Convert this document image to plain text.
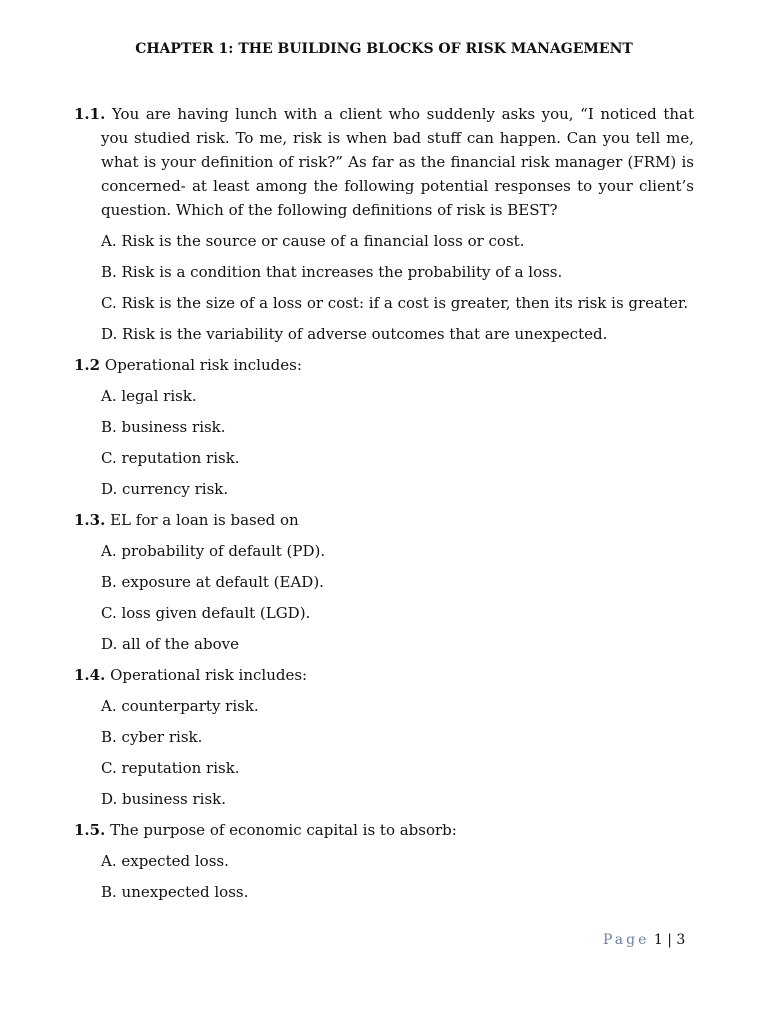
CHAPTER 1: THE BUILDING BLOCKS OF RISK MANAGEMENT

1.1. You are having lunch with a client who suddenly asks you, “I noticed that you studied risk. To me, risk is when bad stuff can happen. Can you tell me, what is your definition of risk?” As far as the financial risk manager (FRM) is concerned- at least among the following potential responses to your client’s question. Which of the following definitions of risk is BEST?

A. Risk is the source or cause of a financial loss or cost.
B. Risk is a condition that increases the probability of a loss.
C. Risk is the size of a loss or cost: if a cost is greater, then its risk is greater.
D. Risk is the variability of adverse outcomes that are unexpected.

1.2 Operational risk includes:

A. legal risk.
B. business risk.
C. reputation risk.
D. currency risk.

1.3. EL for a loan is based on

A. probability of default (PD).
B. exposure at default (EAD).
C. loss given default (LGD).
D. all of the above

1.4. Operational risk includes:

A. counterparty risk.
B. cyber risk.
C. reputation risk.
D. business risk.

1.5. The purpose of economic capital is to absorb:

A. expected loss.
B. unexpected loss.
Page 1 | 3
